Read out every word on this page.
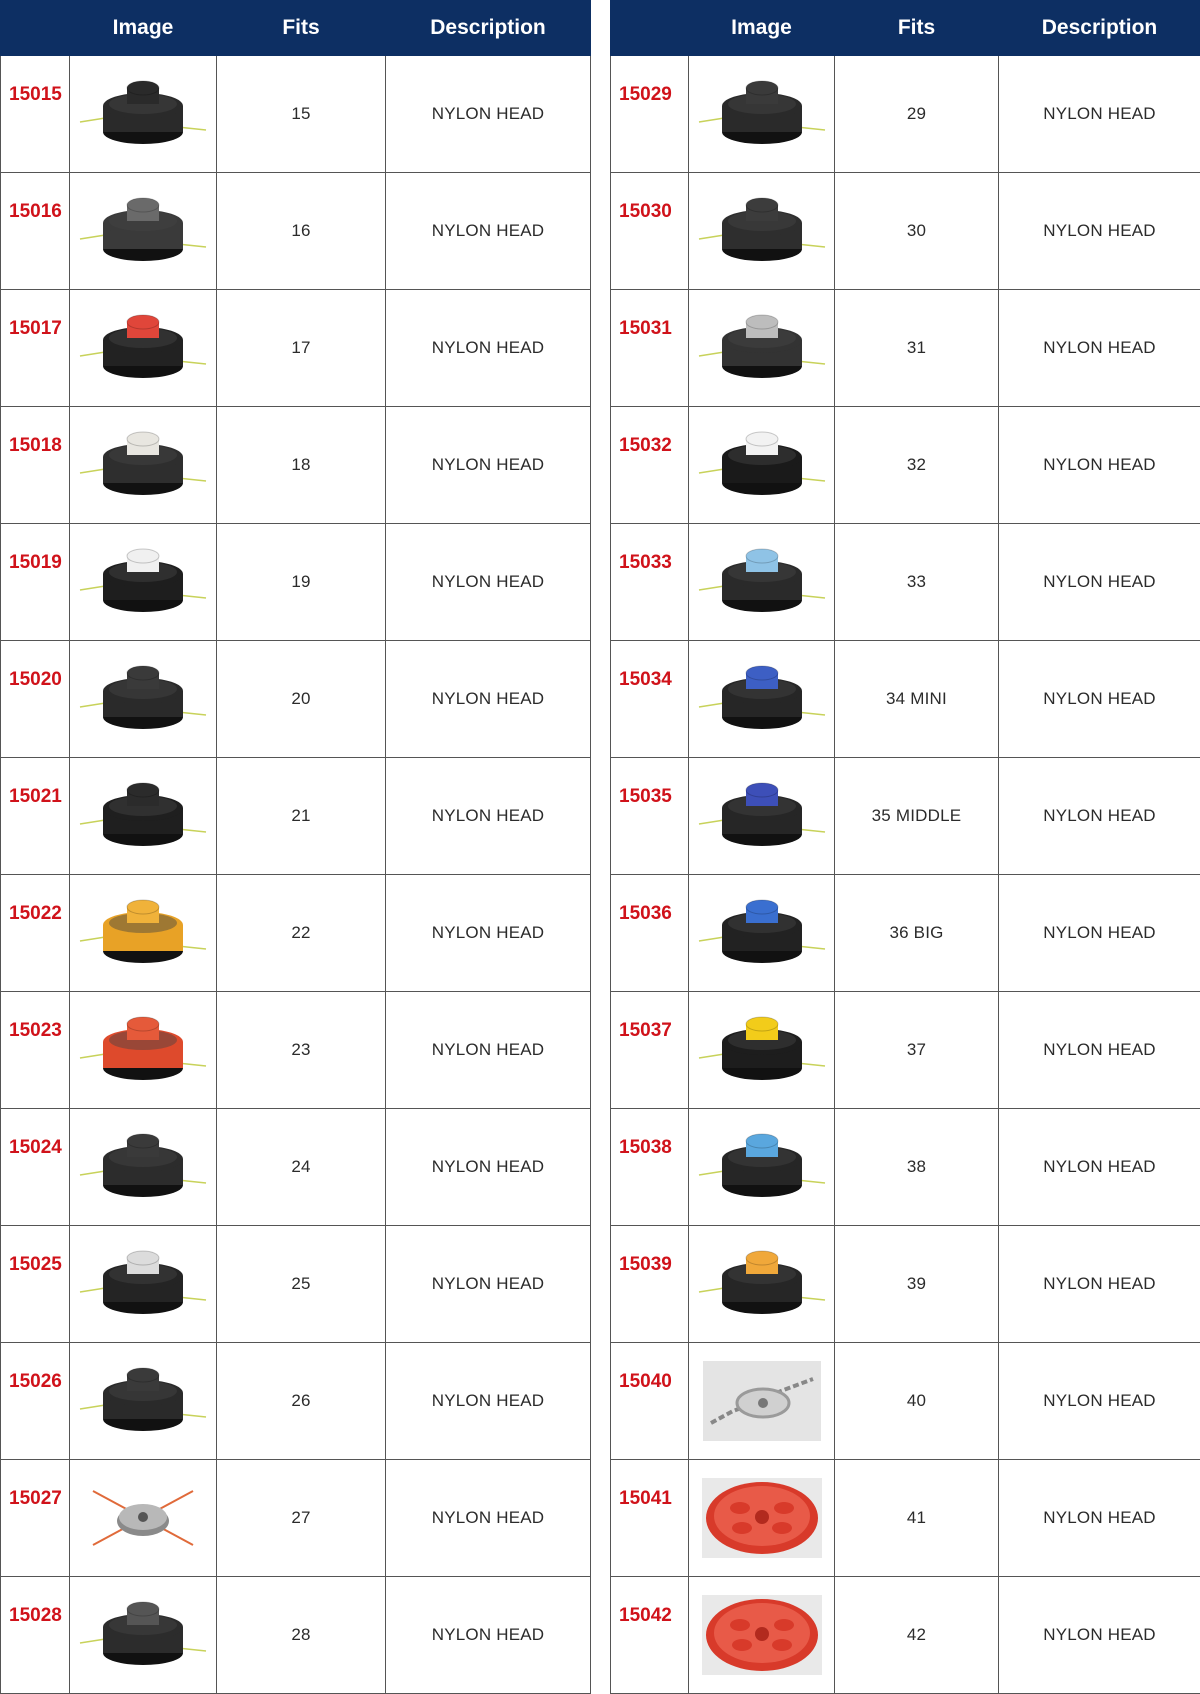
	Image	Fits	Description
15015		15	NYLON HEAD
15016		16	NYLON HEAD
15017		17	NYLON HEAD
15018		18	NYLON HEAD
15019		19	NYLON HEAD
15020		20	NYLON HEAD
15021		21	NYLON HEAD
15022		22	NYLON HEAD
15023		23	NYLON HEAD
15024		24	NYLON HEAD
15025		25	NYLON HEAD
15026		26	NYLON HEAD
15027		27	NYLON HEAD
15028		28	NYLON HEAD
	Image	Fits	Description
15029		29	NYLON HEAD
15030		30	NYLON HEAD
15031		31	NYLON HEAD
15032		32	NYLON HEAD
15033		33	NYLON HEAD
15034		34 MINI	NYLON HEAD
15035		35 MIDDLE	NYLON HEAD
15036		36 BIG	NYLON HEAD
15037		37	NYLON HEAD
15038		38	NYLON HEAD
15039		39	NYLON HEAD
15040		40	NYLON HEAD
15041		41	NYLON HEAD
15042		42	NYLON HEAD
